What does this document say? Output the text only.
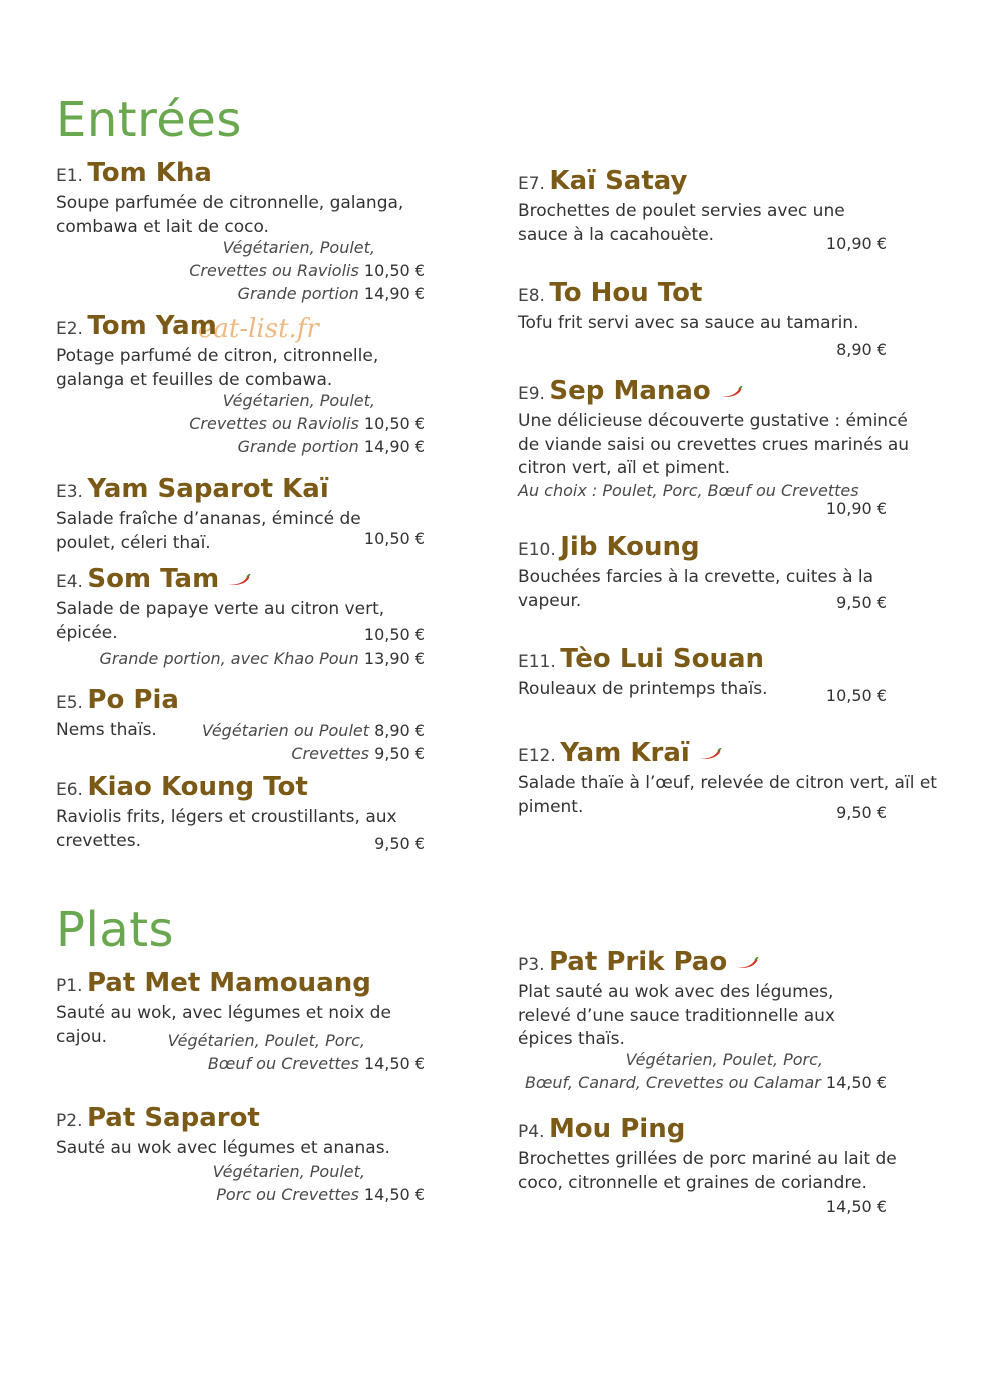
Entrées
Plats
eat-list.fr
E1. Tom Kha

Soupe parfumée de citronnelle, galanga, combawa et lait de coco.

Végétarien, Poulet,
Crevettes ou Raviolis 10,50 €
Grande portion 14,90 €
E2. Tom Yam

Potage parfumé de citron, citronnelle, galanga et feuilles de combawa.

Végétarien, Poulet,
Crevettes ou Raviolis 10,50 €
Grande portion 14,90 €
E3. Yam Saparot Kaï

Salade fraîche d’ananas, émincé de poulet, céleri thaï.	10,50 €
E4. Som Tam

Salade de papaye verte au citron vert, épicée.	10,50 €
Grande portion, avec Khao Poun 13,90 €
E5. Po Pia

Nems thaïs.	Végétarien ou Poulet 8,90 €
Crevettes 9,50 €
E6. Kiao Koung Tot

Raviolis frits, légers et croustillants, aux crevettes.	9,50 €
E7. Kaï Satay

Brochettes de poulet servies avec une sauce à la cacahouète.	10,90 €
E8. To Hou Tot

Tofu frit servi avec sa sauce au tamarin.

8,90 €
E9. Sep Manao

Une délicieuse découverte gustative : émincé de viande saisi ou crevettes crues marinés au citron vert, aïl et piment.

Au choix : Poulet, Porc, Bœuf ou Crevettes
10,90 €
E10. Jib Koung

Bouchées farcies à la crevette, cuites à la vapeur.	9,50 €
E11. Tèo Lui Souan

Rouleaux de printemps thaïs.	10,50 €
E12. Yam Kraï

Salade thaïe à l’œuf, relevée de citron vert, aïl et piment.	9,50 €
P1. Pat Met Mamouang

Sauté au wok, avec légumes et noix de cajou.	Végétarien, Poulet, Porc,
Bœuf ou Crevettes 14,50 €
P2. Pat Saparot

Sauté au wok avec légumes et ananas.

Végétarien, Poulet,
Porc ou Crevettes 14,50 €
P3. Pat Prik Pao

Plat sauté au wok avec des légumes, relevé d’une sauce traditionnelle aux épices thaïs.

Végétarien, Poulet, Porc,
Bœuf, Canard, Crevettes ou Calamar 14,50 €
P4. Mou Ping

Brochettes grillées de porc mariné au lait de coco, citronnelle et graines de coriandre.

14,50 €
